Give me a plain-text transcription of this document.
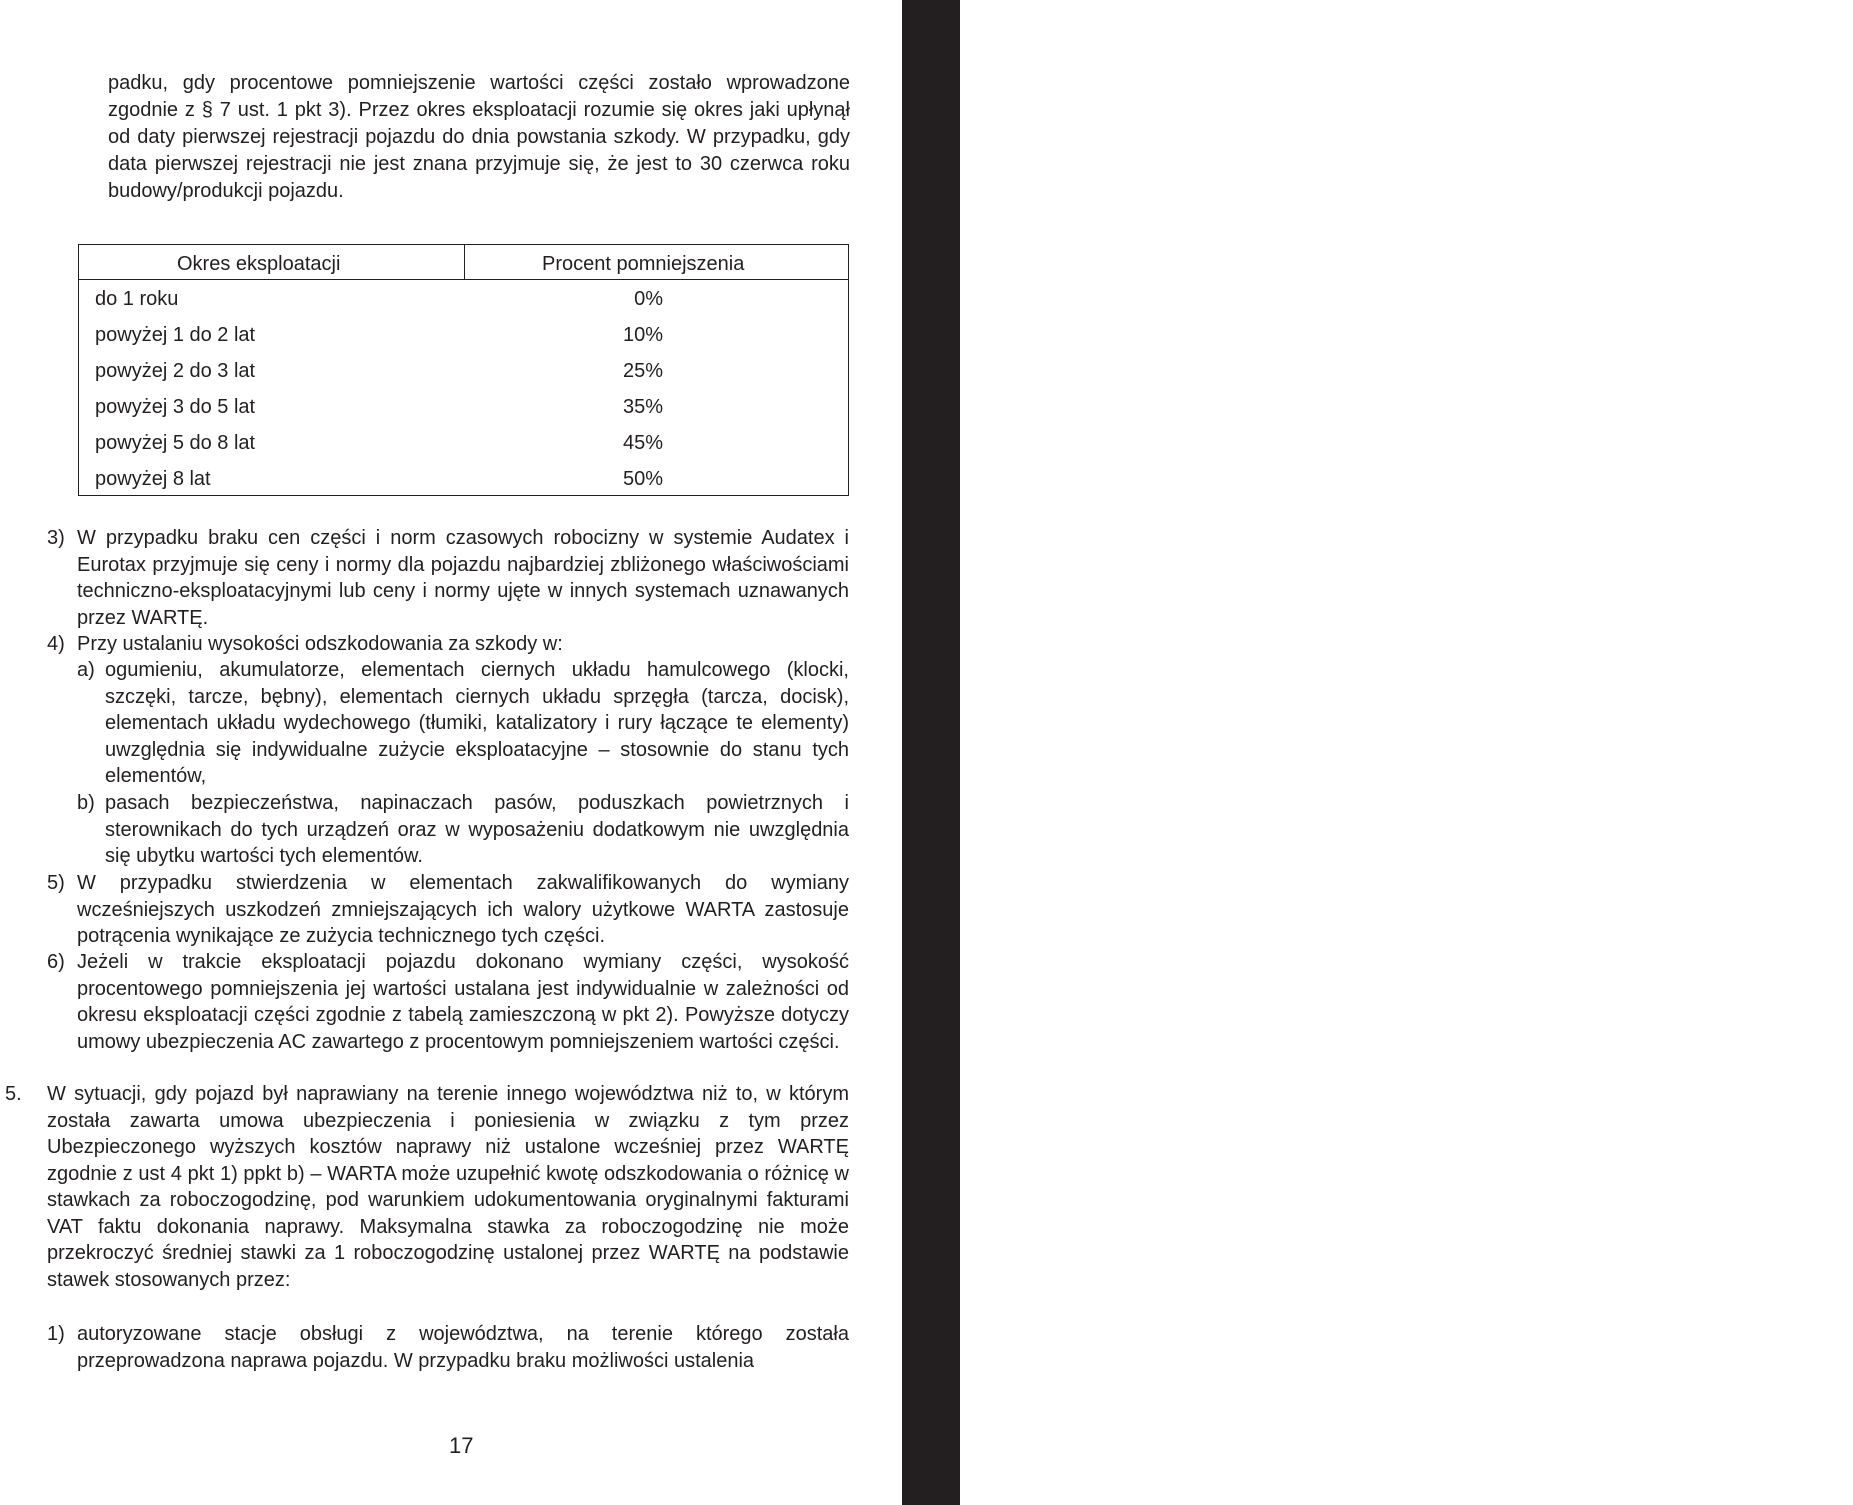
SZKODA CZĘŚCIOWA AC
padku, gdy procentowe pomniejszenie wartości części zostało wprowadzone zgodnie z § 7 ust. 1 pkt 3). Przez okres eksploatacji rozumie się okres jaki upłynął od daty pierwszej rejestracji pojazdu do dnia powstania szkody. W przypadku, gdy data pierwszej rejestracji nie jest znana przyjmuje się, że jest to 30 czerwca roku budowy/produkcji pojazdu.
Okres eksploatacji	Procent pomniejszenia
do 1 roku	0%
powyżej 1 do 2 lat	10%
powyżej 2 do 3 lat	25%
powyżej 3 do 5 lat	35%
powyżej 5 do 8 lat	45%
powyżej 8 lat	50%
3) W przypadku braku cen części i norm czasowych robocizny w systemie Audatex i Eurotax przyjmuje się ceny i normy dla pojazdu najbardziej zbliżonego właściwościami techniczno-eksploatacyjnymi lub ceny i normy ujęte w innych systemach uznawanych przez WARTĘ.
4) Przy ustalaniu wysokości odszkodowania za szkody w:
a) ogumieniu, akumulatorze, elementach ciernych układu hamulcowego (klocki, szczęki, tarcze, bębny), elementach ciernych układu sprzęgła (tarcza, docisk), elementach układu wydechowego (tłumiki, katalizatory i rury łączące te elementy) uwzględnia się indywidualne zużycie eksploatacyjne – stosownie do stanu tych elementów,
b) pasach bezpieczeństwa, napinaczach pasów, poduszkach powietrznych i sterownikach do tych urządzeń oraz w wyposażeniu dodatkowym nie uwzględnia się ubytku wartości tych elementów.
5) W przypadku stwierdzenia w elementach zakwalifikowanych do wymiany wcześniejszych uszkodzeń zmniejszających ich walory użytkowe WARTA zastosuje potrącenia wynikające ze zużycia technicznego tych części.
6) Jeżeli w trakcie eksploatacji pojazdu dokonano wymiany części, wysokość procentowego pomniejszenia jej wartości ustalana jest indywidualnie w zależności od okresu eksploatacji części zgodnie z tabelą zamieszczoną w pkt 2). Powyższe dotyczy umowy ubezpieczenia AC zawartego z procentowym pomniejszeniem wartości części.
5. W sytuacji, gdy pojazd był naprawiany na terenie innego województwa niż to, w którym została zawarta umowa ubezpieczenia i poniesienia w związku z tym przez Ubezpieczonego wyższych kosztów naprawy niż ustalone wcześniej przez WARTĘ zgodnie z ust 4 pkt 1) ppkt b) – WARTA może uzupełnić kwotę odszkodowania o różnicę w stawkach za roboczogodzinę, pod warunkiem udokumentowania oryginalnymi fakturami VAT faktu dokonania naprawy. Maksymalna stawka za roboczogodzinę nie może przekroczyć średniej stawki za 1 roboczogodzinę ustalonej przez WARTĘ na podstawie stawek stosowanych przez:
1) autoryzowane stacje obsługi z województwa, na terenie którego została przeprowadzona naprawa pojazdu. W przypadku braku możliwości ustalenia
17
